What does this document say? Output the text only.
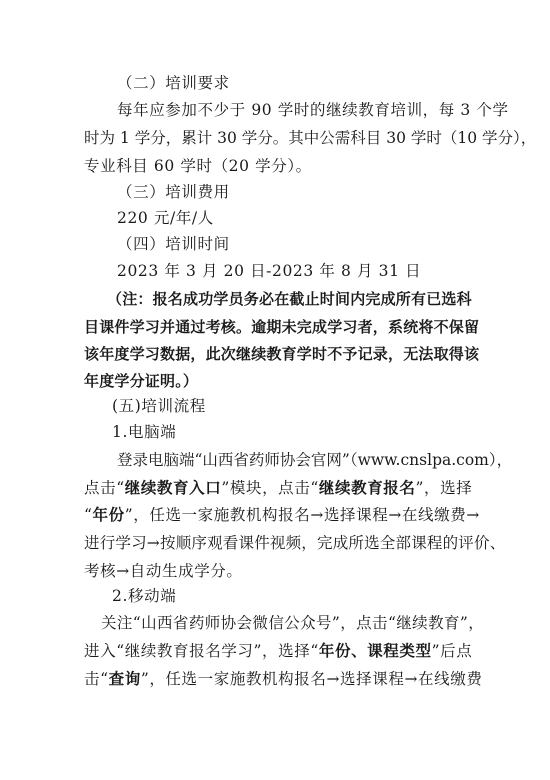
（二）培训要求
每年应参加不少于 90 学时的继续教育培训，每 3 个学
时为 1 学分，累计 30 学分。其中公需科目 30 学时（10 学分），
专业科目 60 学时（20 学分）。
（三）培训费用
220 元/年/人
（四）培训时间
2023 年 3 月 20 日-2023 年 8 月 31 日
（注：报名成功学员务必在截止时间内完成所有已选科
目课件学习并通过考核。逾期未完成学习者，系统将不保留
该年度学习数据，此次继续教育学时不予记录，无法取得该
年度学分证明。）
(五)培训流程
1.电脑端
登录电脑端“山西省药师协会官网”（www.cnslpa.com），
点击“继续教育入口”模块，点击“继续教育报名”，选择
“年份”，任选一家施教机构报名→选择课程→在线缴费→
进行学习→按顺序观看课件视频，完成所选全部课程的评价、
考核→自动生成学分。
2.移动端
关注“山西省药师协会微信公众号”，点击“继续教育”，
进入“继续教育报名学习”，选择“年份、课程类型”后点
击“查询”，任选一家施教机构报名→选择课程→在线缴费
